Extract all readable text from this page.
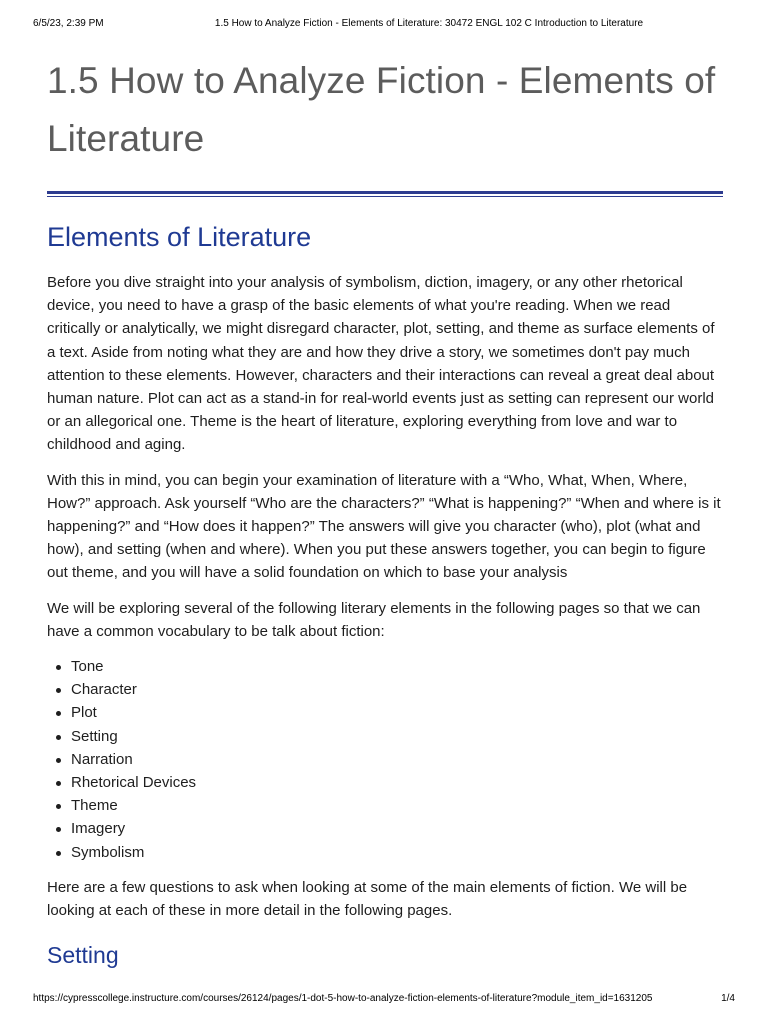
6/5/23, 2:39 PM	1.5 How to Analyze Fiction - Elements of Literature: 30472 ENGL 102 C Introduction to Literature
1.5 How to Analyze Fiction - Elements of Literature
Elements of Literature

Before you dive straight into your analysis of symbolism, diction, imagery, or any other rhetorical device, you need to have a grasp of the basic elements of what you're reading. When we read critically or analytically, we might disregard character, plot, setting, and theme as surface elements of a text. Aside from noting what they are and how they drive a story, we sometimes don't pay much attention to these elements. However, characters and their interactions can reveal a great deal about human nature. Plot can act as a stand-in for real-world events just as setting can represent our world or an allegorical one. Theme is the heart of literature, exploring everything from love and war to childhood and aging.

With this in mind, you can begin your examination of literature with a “Who, What, When, Where, How?” approach. Ask yourself “Who are the characters?” “What is happening?” “When and where is it happening?” and “How does it happen?” The answers will give you character (who), plot (what and how), and setting (when and where). When you put these answers together, you can begin to figure out theme, and you will have a solid foundation on which to base your analysis

We will be exploring several of the following literary elements in the following pages so that we can have a common vocabulary to be talk about fiction:

Tone
Character
Plot
Setting
Narration
Rhetorical Devices
Theme
Imagery
Symbolism

Here are a few questions to ask when looking at some of the main elements of fiction. We will be looking at each of these in more detail in the following pages.

Setting
https://cypresscollege.instructure.com/courses/26124/pages/1-dot-5-how-to-analyze-fiction-elements-of-literature?module_item_id=1631205	1/4
